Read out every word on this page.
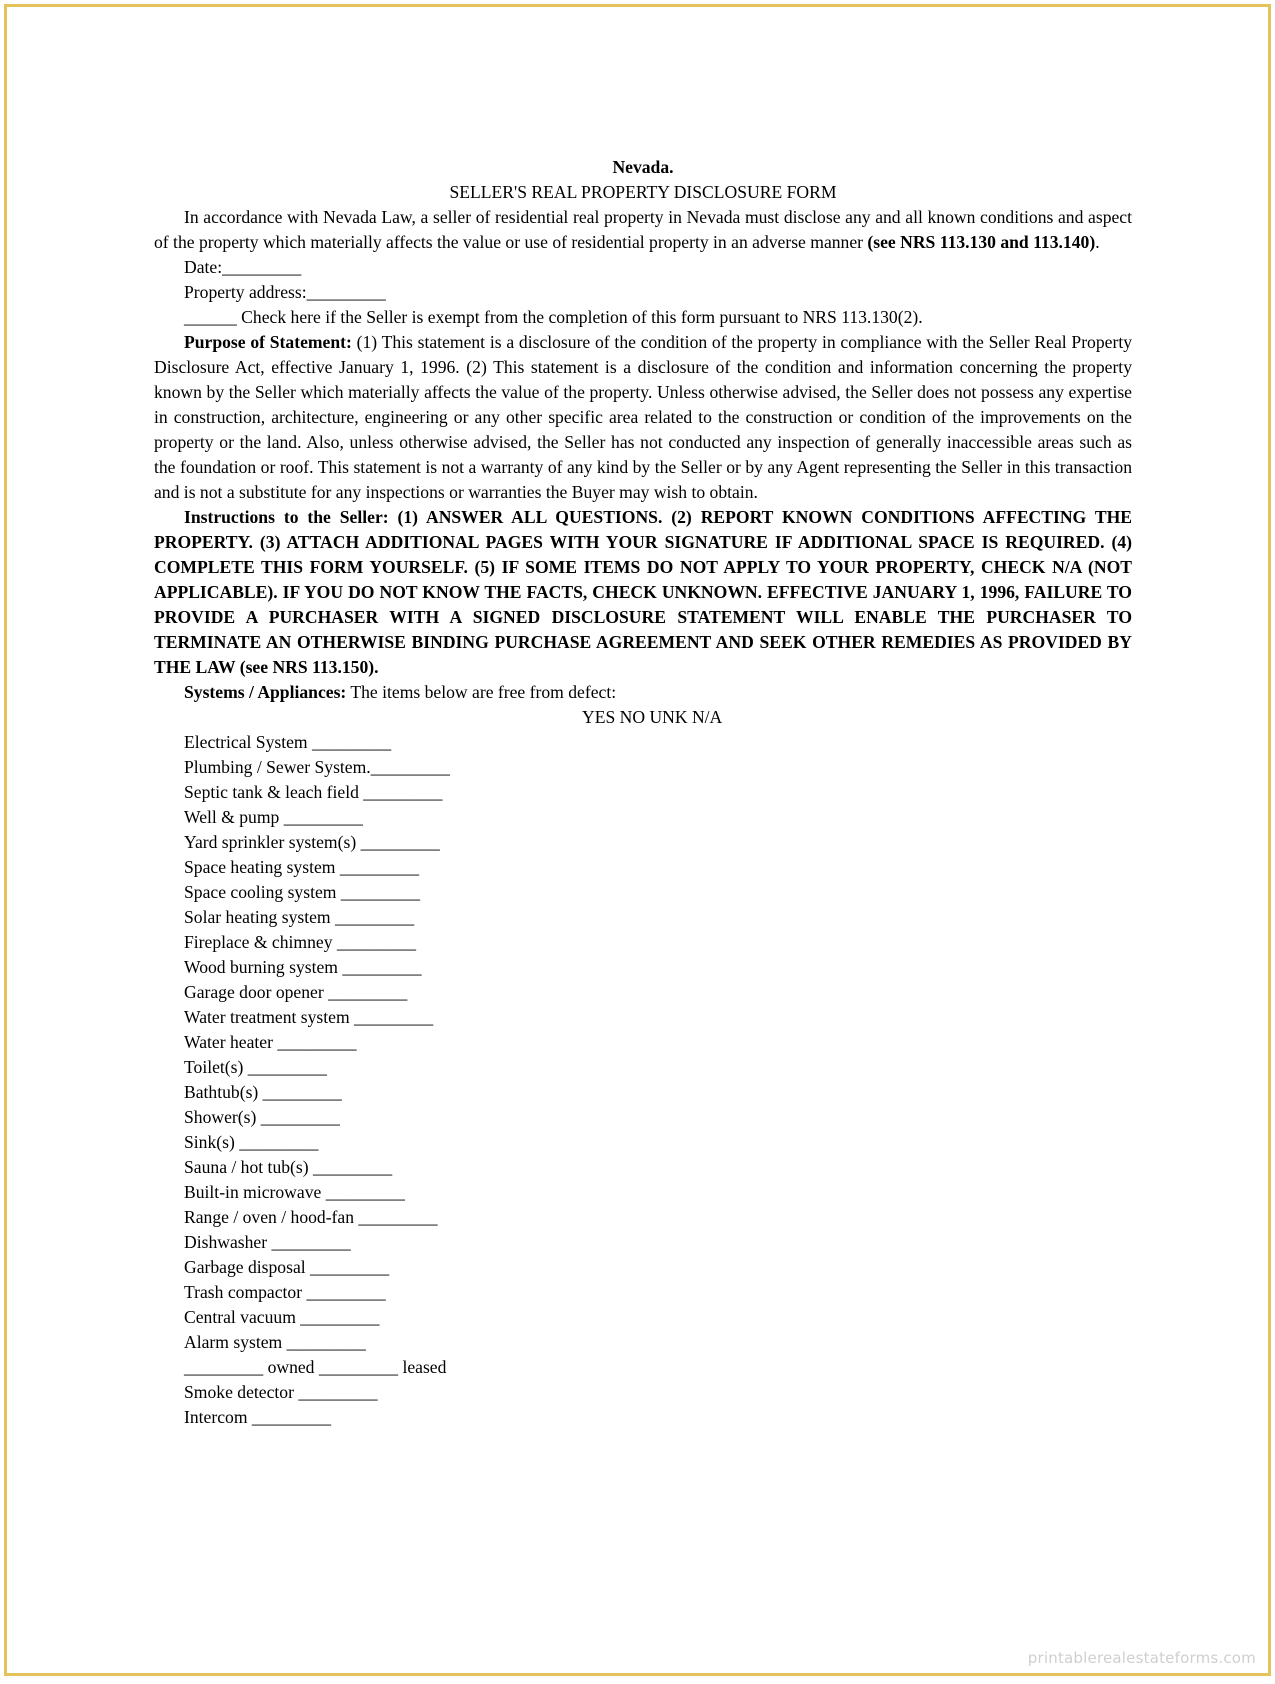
Nevada.
SELLER'S REAL PROPERTY DISCLOSURE FORM

In accordance with Nevada Law, a seller of residential real property in Nevada must disclose any and all known conditions and aspect of the property which materially affects the value or use of residential property in an adverse manner (see NRS 113.130 and 113.140).

Date:_________

Property address:_________

______ Check here if the Seller is exempt from the completion of this form pursuant to NRS 113.130(2).

Purpose of Statement: (1) This statement is a disclosure of the condition of the property in compliance with the Seller Real Property Disclosure Act, effective January 1, 1996. (2) This statement is a disclosure of the condition and information concerning the property known by the Seller which materially affects the value of the property. Unless otherwise advised, the Seller does not possess any expertise in construction, architecture, engineering or any other specific area related to the construction or condition of the improvements on the property or the land. Also, unless otherwise advised, the Seller has not conducted any inspection of generally inaccessible areas such as the foundation or roof. This statement is not a warranty of any kind by the Seller or by any Agent representing the Seller in this transaction and is not a substitute for any inspections or warranties the Buyer may wish to obtain.

Instructions to the Seller: (1) ANSWER ALL QUESTIONS. (2) REPORT KNOWN CONDITIONS AFFECTING THE PROPERTY. (3) ATTACH ADDITIONAL PAGES WITH YOUR SIGNATURE IF ADDITIONAL SPACE IS REQUIRED. (4) COMPLETE THIS FORM YOURSELF. (5) IF SOME ITEMS DO NOT APPLY TO YOUR PROPERTY, CHECK N/A (NOT APPLICABLE). IF YOU DO NOT KNOW THE FACTS, CHECK UNKNOWN. EFFECTIVE JANUARY 1, 1996, FAILURE TO PROVIDE A PURCHASER WITH A SIGNED DISCLOSURE STATEMENT WILL ENABLE THE PURCHASER TO TERMINATE AN OTHERWISE BINDING PURCHASE AGREEMENT AND SEEK OTHER REMEDIES AS PROVIDED BY THE LAW (see NRS 113.150).

Systems / Appliances: The items below are free from defect:

YES NO UNK N/A

Electrical System _________
Plumbing / Sewer System._________
Septic tank & leach field _________
Well & pump _________
Yard sprinkler system(s) _________
Space heating system _________
Space cooling system _________
Solar heating system _________
Fireplace & chimney _________
Wood burning system _________
Garage door opener _________
Water treatment system _________
Water heater _________
Toilet(s) _________
Bathtub(s) _________
Shower(s) _________
Sink(s) _________
Sauna / hot tub(s) _________
Built-in microwave _________
Range / oven / hood-fan _________
Dishwasher _________
Garbage disposal _________
Trash compactor _________
Central vacuum _________
Alarm system _________
_________ owned _________ leased
Smoke detector _________
Intercom _________
printablerealestateforms.com
